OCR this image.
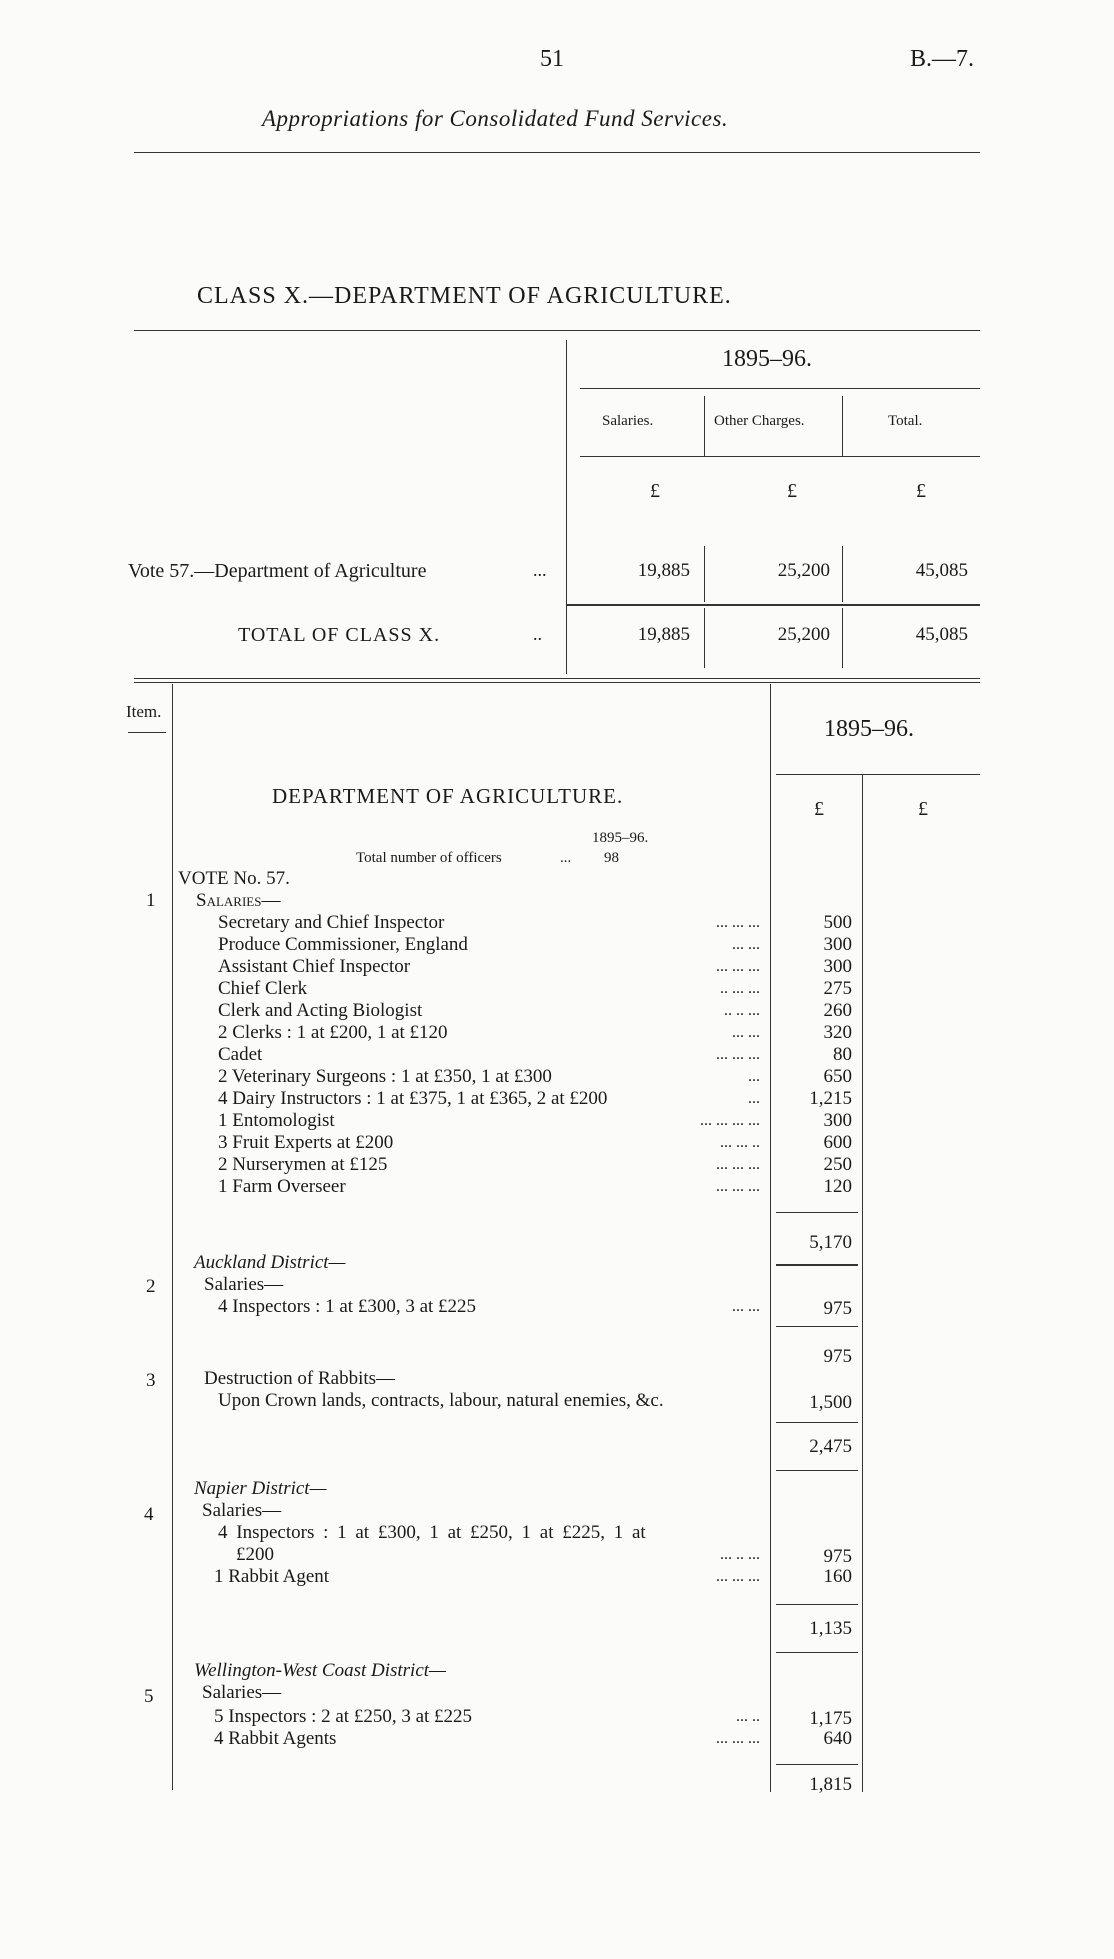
51	B.—7.
Appropriations for Consolidated Fund Services.
CLASS X.—DEPARTMENT OF AGRICULTURE.
1895–96.
Salaries.	Other Charges.	Total.
£	£	£
Vote 57.—Department of Agriculture	...	19,885	25,200	45,085
TOTAL OF CLASS X.	..	19,885	25,200	45,085
Item.
1895–96.
£	£
DEPARTMENT OF AGRICULTURE.
1895–96.
Total number of officers	... 98
VOTE No. 57.
1 Salaries—
Secretary and Chief Inspector	... ... ...	500
Produce Commissioner, England	... ...	300
Assistant Chief Inspector	... ... ...	300
Chief Clerk	.. ... ...	275
Clerk and Acting Biologist	.. .. ...	260
2 Clerks : 1 at £200, 1 at £120	... ...	320
Cadet	... ... ...	80
2 Veterinary Surgeons : 1 at £350, 1 at £300	...	650
4 Dairy Instructors : 1 at £375, 1 at £365, 2 at £200	...	1,215
1 Entomologist	... ... ... ...	300
3 Fruit Experts at £200	... ... ..	600
2 Nurserymen at £125	... ... ...	250
1 Farm Overseer	... ... ...	120
5,170
Auckland District—
2	Salaries—
4 Inspectors : 1 at £300, 3 at £225	... ...	975
975
3	Destruction of Rabbits—
Upon Crown lands, contracts, labour, natural enemies, &c.	1,500
2,475
Napier District—
4	Salaries—
4 Inspectors : 1 at £300, 1 at £250, 1 at £225, 1 at
£200	... .. ...	975
1 Rabbit Agent	... ... ...	160
1,135
Wellington-West Coast District—
5	Salaries—
5 Inspectors : 2 at £250, 3 at £225	... ..	1,175
4 Rabbit Agents	... ... ...	640
1,815
